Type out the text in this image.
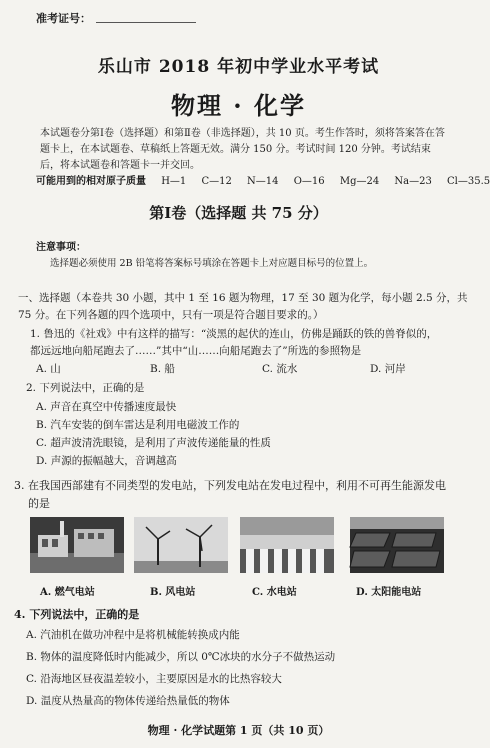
准考证号：
乐山市 2018 年初中学业水平考试
物理 · 化学
本试题卷分第Ⅰ卷（选择题）和第Ⅱ卷（非选择题），共 10 页。考生作答时，须将答案答在答题卡上，在本试题卷、草稿纸上答题无效。满分 150 分。考试时间 120 分钟。考试结束后，将本试题卷和答题卡一并交回。
可能用到的相对原子质量 H—1 C—12 N—14 O—16 Mg—24 Na—23 Cl—35.5
第Ⅰ卷（选择题 共 75 分）
注意事项：
选择题必须使用 2B 铅笔将答案标号填涂在答题卡上对应题目标号的位置上。
一、选择题（本卷共 30 小题，其中 1 至 16 题为物理，17 至 30 题为化学，每小题 2.5 分，共 75 分。在下列各题的四个选项中，只有一项是符合题目要求的。）
1. 鲁迅的《社戏》中有这样的描写：“淡黑的起伏的连山，仿佛是踊跃的铁的兽脊似的，
都远远地向船尾跑去了……”其中“山……向船尾跑去了”所选的参照物是
A. 山	B. 船	C. 流水	D. 河岸
2. 下列说法中，正确的是
A. 声音在真空中传播速度最快
B. 汽车安装的倒车雷达是利用电磁波工作的
C. 超声波清洗眼镜，是利用了声波传递能量的性质
D. 声源的振幅越大，音调越高
3. 在我国西部建有不同类型的发电站，下列发电站在发电过程中，利用不可再生能源发电
的是
A. 燃气电站	B. 风电站	C. 水电站	D. 太阳能电站
4. 下列说法中，正确的是
A. 汽油机在做功冲程中是将机械能转换成内能
B. 物体的温度降低时内能减少，所以 0℃冰块的水分子不做热运动
C. 沿海地区昼夜温差较小，主要原因是水的比热容较大
D. 温度从热量高的物体传递给热量低的物体
物理 · 化学试题第 1 页（共 10 页）
